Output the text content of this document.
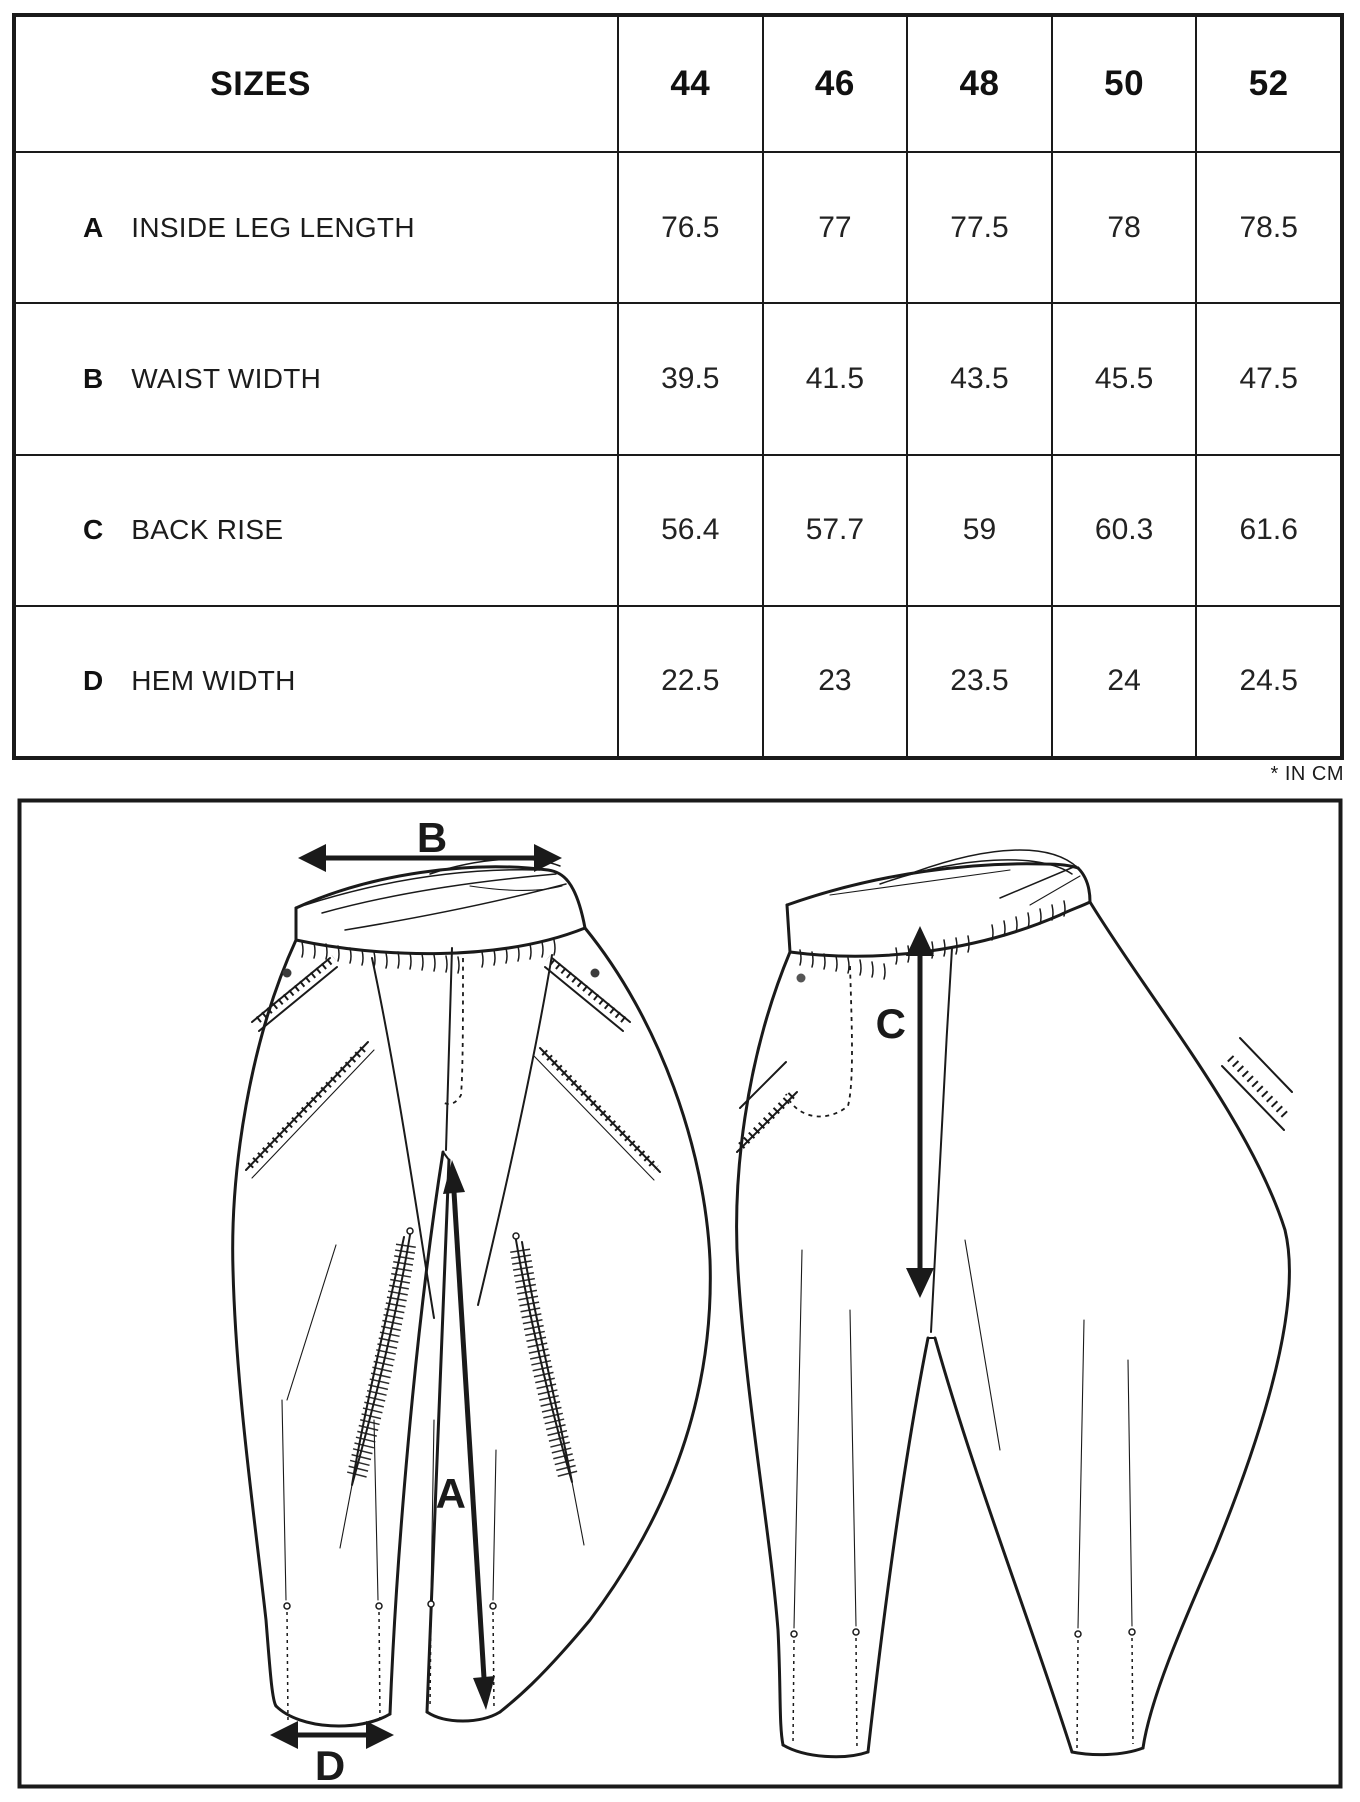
SIZES	44	46	48	50	52
A INSIDE LEG LENGTH	76.5	77	77.5	78	78.5
B WAIST WIDTH	39.5	41.5	43.5	45.5	47.5
C BACK RISE	56.4	57.7	59	60.3	61.6
D HEM WIDTH	22.5	23	23.5	24	24.5
* IN CM
B
A
D
C
